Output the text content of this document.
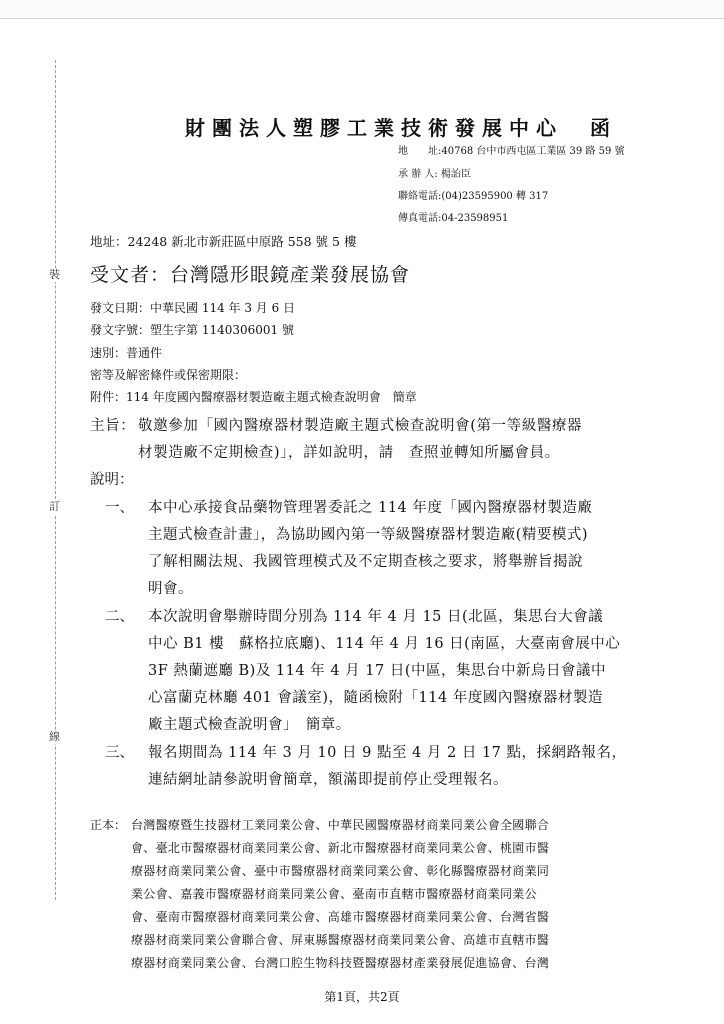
裝
訂
線
財團法人塑膠工業技術發展中心　函
地　　址:40768 台中市西屯區工業區 39 路 59 號
承 辦 人: 楊詒臣
聯絡電話:(04)23595900 轉 317
傳真電話:04-23598951
地址：24248 新北市新莊區中原路 558 號 5 樓
受文者：台灣隱形眼鏡產業發展協會
發文日期：中華民國 114 年 3 月 6 日
發文字號：塑生字第 1140306001 號
速別：普通件
密等及解密條件或保密期限：
附件：114 年度國內醫療器材製造廠主題式檢查說明會　簡章
主旨： 敬邀參加「國內醫療器材製造廠主題式檢查說明會(第一等級醫療器
材製造廠不定期檢查)」，詳如說明，請　查照並轉知所屬會員。
說明：
一、 本中心承接食品藥物管理署委託之 114 年度「國內醫療器材製造廠
主題式檢查計畫」，為協助國內第一等級醫療器材製造廠(精要模式)
了解相關法規、我國管理模式及不定期查核之要求，將舉辦旨揭說
明會。
二、 本次說明會舉辦時間分別為 114 年 4 月 15 日(北區，集思台大會議
中心 B1 樓　蘇格拉底廳)、114 年 4 月 16 日(南區，大臺南會展中心
3F 熱蘭遮廳 B)及 114 年 4 月 17 日(中區，集思台中新烏日會議中
心富蘭克林廳 401 會議室)，隨函檢附「114 年度國內醫療器材製造
廠主題式檢查說明會」　簡章。
三、 報名期間為 114 年 3 月 10 日 9 點至 4 月 2 日 17 點，採網路報名，
連結網址請參說明會簡章，額滿即提前停止受理報名。
正本： 台灣醫療暨生技器材工業同業公會、中華民國醫療器材商業同業公會全國聯合
會、臺北市醫療器材商業同業公會、新北市醫療器材商業同業公會、桃園市醫
療器材商業同業公會、臺中市醫療器材商業同業公會、彰化縣醫療器材商業同
業公會、嘉義市醫療器材商業同業公會、臺南市直轄市醫療器材商業同業公
會、臺南市醫療器材商業同業公會、高雄市醫療器材商業同業公會、台灣省醫
療器材商業同業公會聯合會、屏東縣醫療器材商業同業公會、高雄市直轄市醫
療器材商業同業公會、台灣口腔生物科技暨醫療器材產業發展促進協會、台灣
第1頁，共2頁
